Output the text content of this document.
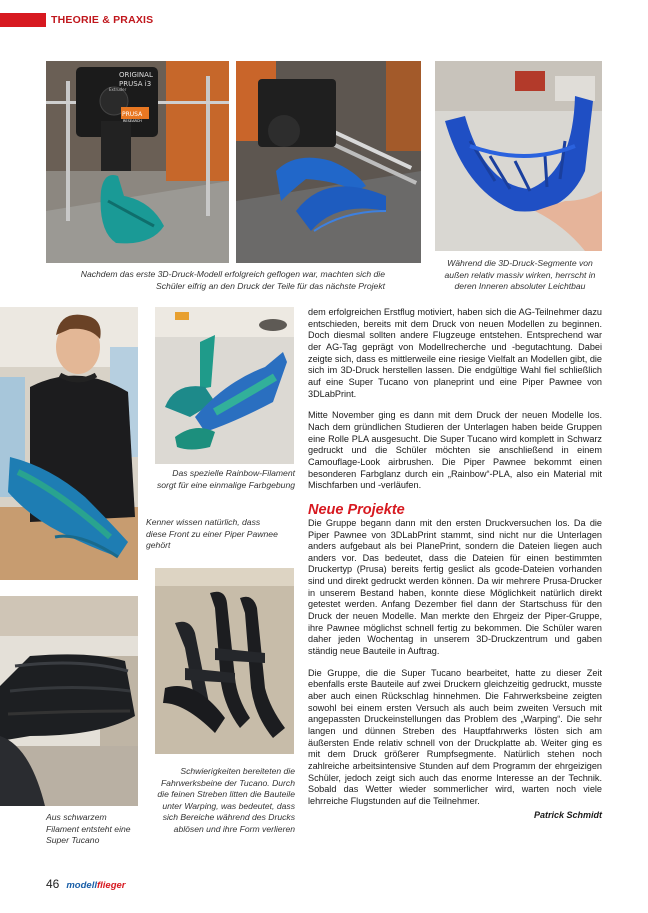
THEORIE & PRAXIS
ORIGINAL
PRUSA i3
Extruder
PRUSA
RESEARCH
Nachdem das erste 3D-Druck-Modell erfolgreich geflogen war, machten sich die Schüler eifrig an den Druck der Teile für das nächste Projekt
Während die 3D-Druck-Segmente von außen relativ massiv wirken, herrscht in deren Inneren absoluter Leichtbau
Das spezielle Rainbow-Filament sorgt für eine einmalige Farbgebung
Kenner wissen natürlich, dass diese Front zu einer Piper Pawnee gehört
Schwierigkeiten bereiteten die Fahrwerksbeine der Tucano. Durch die feinen Streben litten die Bauteile unter Warping, was bedeutet, dass sich Bereiche während des Drucks ablösen und ihre Form verlieren
Aus schwarzem Filament entsteht eine Super Tucano

dem erfolgreichen Erstflug motiviert, haben sich die AG-Teilnehmer dazu entschieden, bereits mit dem Druck von neuen Modellen zu beginnen. Doch diesmal sollten andere Flugzeuge entstehen. Entsprechend war der AG-Tag geprägt von Modellrecherche und -begutachtung. Dabei zeigte sich, dass es mittlerweile eine riesige Vielfalt an Modellen gibt, die sich im 3D-Druck herstellen lassen. Die endgültige Wahl fiel schließlich auf eine Super Tucano von planeprint und eine Piper Pawnee von 3DLabPrint.

Mitte November ging es dann mit dem Druck der neuen Modelle los. Nach dem gründlichen Studieren der Unterlagen haben beide Gruppen eine Rolle PLA ausgesucht. Die Super Tucano wird komplett in Schwarz gedruckt und die Schüler möchten sie anschließend in einem Camouflage-Look airbrushen. Die Piper Pawnee bekommt einen besonderen Farbglanz durch ein „Rainbow“-PLA, also ein Material mit Mischfarben und -verläufen.

Neue Projekte

Die Gruppe begann dann mit den ersten Druckversuchen los. Da die Piper Pawnee von 3DLabPrint stammt, sind nicht nur die Unterlagen anders aufgebaut als bei PlanePrint, sondern die Dateien liegen auch anders vor. Das bedeutet, dass die Dateien für einen bestimmten Druckertyp (Prusa) bereits fertig geslict als gcode-Dateien vorhanden sind und direkt gedruckt werden können. Da wir mehrere Prusa-Drucker in unserem Bestand haben, konnte diese Möglichkeit natürlich direkt getestet werden. Anfang Dezember fiel dann der Startschuss für den Druck der neuen Modelle. Man merkte den Ehrgeiz der Piper-Gruppe, ihre Pawnee möglichst schnell fertig zu bekommen. Die Schüler waren daher jeden Wochentag in unserem 3D-Druckzentrum und gaben ständig neue Bauteile in Auftrag.

Die Gruppe, die die Super Tucano bearbeitet, hatte zu dieser Zeit ebenfalls erste Bauteile auf zwei Druckern gleichzeitig gedruckt, musste aber auch einen Rückschlag hinnehmen. Die Fahrwerksbeine zeigten sowohl bei einem ersten Versuch als auch beim zweiten Versuch mit angepassten Druckeinstellungen das Problem des „Warping“. Die sehr langen und dünnen Streben des Hauptfahrwerks lösten sich am äußersten Ende relativ schnell von der Druckplatte ab. Weiter ging es mit dem Druck größerer Rumpfsegmente. Natürlich stehen noch zahlreiche arbeitsintensive Stunden auf dem Programm der ehrgeizigen Schüler, jedoch zeigt sich auch das enorme Interesse an der Technik. Sobald das Wetter wieder sommerlicher wird, warten noch viele lehrreiche Flugstunden auf die Teilnehmer.

Patrick Schmidt
46 modellflieger
